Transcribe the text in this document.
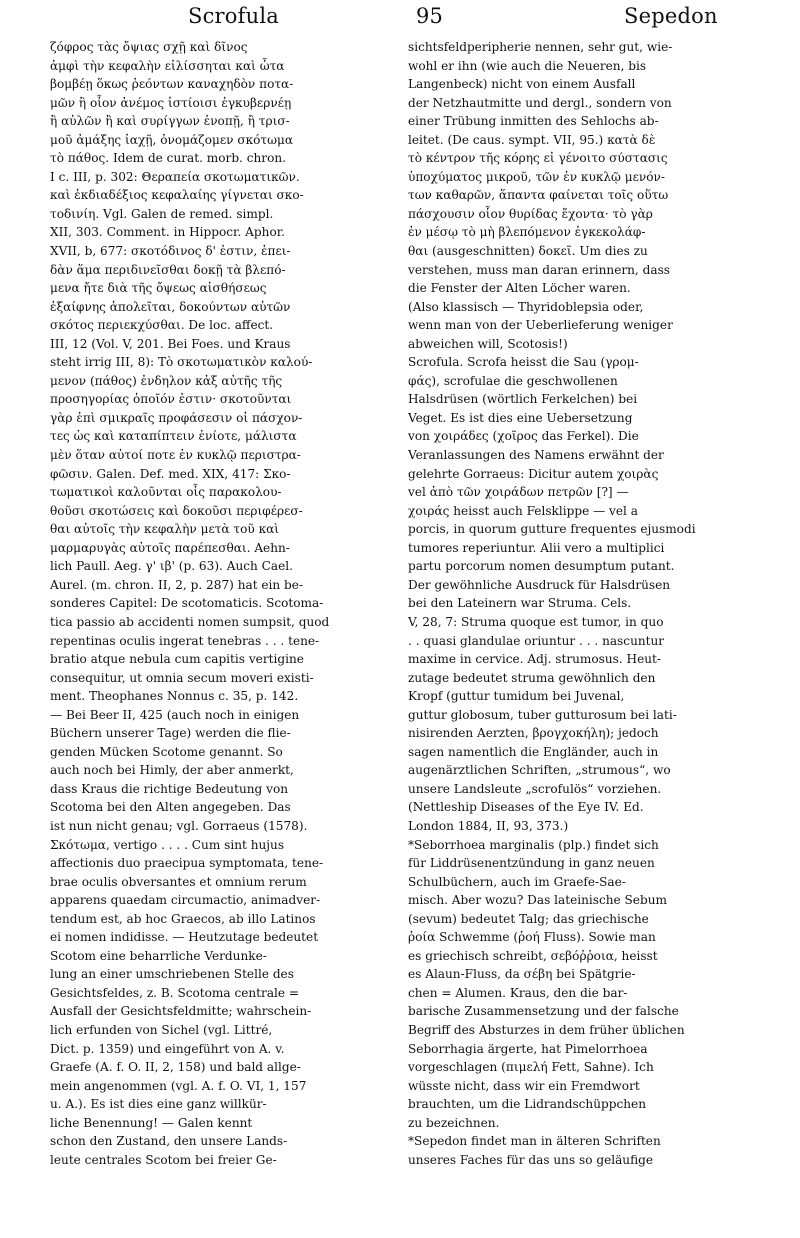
Scrofula	95	Sepedon
ζόφρος τὰς ὄψιας σχῇ καὶ δῖνος
ἀμφὶ τὴν κεφαλὴν εἰλίσσηται καὶ ὦτα
βομβέῃ ὅκως ῥεόντων καναχηδὸν ποτα-
μῶν ἢ οἷον ἀνέμος ἱστίοισι ἐγκυβερνέῃ
ἢ αὐλῶν ἢ καὶ συρίγγων ἐνοπῇ, ἢ τρισ-
μοῦ ἀμάξης ἰαχῇ, ὀνομάζομεν σκότωμα
τὸ πάθος. Idem de curat. morb. chron.
I c. III, p. 302: Θεραπεία σκοτωματικῶν.
καὶ ἐκδιαδέξιος κεφαλαίης γίγνεται σκο-
τοδινίη. Vgl. Galen de remed. simpl.
XII, 303. Comment. in Hippocr. Aphor.
XVII, b, 677: σκοτόδινος δ' ἐστιν, ἐπει-
δὰν ἅμα περιδινεῖσθαι δοκῇ τὰ βλεπό-
μενα ἤτε διὰ τῆς ὄψεως αἰσθήσεως
ἐξαίφνης ἀπολεῖται, δοκούντων αὐτῶν
σκότος περιεκχύσθαι. De loc. affect.
III, 12 (Vol. V, 201. Bei Foes. und Kraus
steht irrig III, 8): Τὸ σκοτωματικὸν καλού-
μενον (πάθος) ἐνδηλον κἀξ αὐτῆς τῆς
προσηγορίας ὁποῖόν ἐστιν· σκοτοῦνται
γὰρ ἐπὶ σμικραῖς προφάσεσιν οἱ πάσχον-
τες ὡς καὶ καταπίπτειν ἐνίοτε, μάλιστα
μὲν ὅταν αὐτοί ποτε ἐν κυκλῷ περιστρα-
φῶσιν. Galen. Def. med. XIX, 417: Σκο-
τωματικοὶ καλοῦνται οἷς παρακολου-
θοῦσι σκοτώσεις καὶ δοκοῦσι περιφέρεσ-
θαι αὐτοῖς τὴν κεφαλὴν μετὰ τοῦ καὶ
μαρμαρυγὰς αὐτοῖς παρέπεσθαι. Aehn-
lich Paull. Aeg. γ' ιβ' (p. 63). Auch Cael.
Aurel. (m. chron. II, 2, p. 287) hat ein be-
sonderes Capitel: De scotomaticis. Scotoma-
tica passio ab accidenti nomen sumpsit, quod
repentinas oculis ingerat tenebras . . . tene-
bratio atque nebula cum capitis vertigine
consequitur, ut omnia secum moveri existi-
ment. Theophanes Nonnus c. 35, p. 142.
— Bei Beer II, 425 (auch noch in einigen
Büchern unserer Tage) werden die flie-
genden Mücken Scotome genannt. So
auch noch bei Himly, der aber anmerkt,
dass Kraus die richtige Bedeutung von
Scotoma bei den Alten angegeben. Das
ist nun nicht genau; vgl. Gorraeus (1578).
Σκότωμα, vertigo . . . . Cum sint hujus
affectionis duo praecipua symptomata, tene-
brae oculis obversantes et omnium rerum
apparens quaedam circumactio, animadver-
tendum est, ab hoc Graecos, ab illo Latinos
ei nomen indidisse. — Heutzutage bedeutet
Scotom eine beharrliche Verdunke-
lung an einer umschriebenen Stelle des
Gesichtsfeldes, z. B. Scotoma centrale =
Ausfall der Gesichtsfeldmitte; wahrschein-
lich erfunden von Sichel (vgl. Littré,
Dict. p. 1359) und eingeführt von A. v.
Graefe (A. f. O. II, 2, 158) und bald allge-
mein angenommen (vgl. A. f. O. VI, 1, 157
u. A.). Es ist dies eine ganz willkür-
liche Benennung! — Galen kennt
schon den Zustand, den unsere Lands-
leute centrales Scotom bei freier Ge-
sichtsfeldperipherie nennen, sehr gut, wie-
wohl er ihn (wie auch die Neueren, bis
Langenbeck) nicht von einem Ausfall
der Netzhautmitte und dergl., sondern von
einer Trübung inmitten des Sehlochs ab-
leitet. (De caus. sympt. VII, 95.) κατὰ δὲ
τὸ κέντρον τῆς κόρης εἰ γένοιτο σύστασις
ὑποχύματος μικροῦ, τῶν ἐν κυκλῷ μενόν-
των καθαρῶν, ἅπαντα φαίνεται τοῖς οὕτω
πάσχουσιν οἷον θυρίδας ἔχοντα· τὸ γὰρ
ἐν μέσῳ τὸ μὴ βλεπόμενον ἐγκεκολάφ-
θαι (ausgeschnitten) δοκεῖ. Um dies zu
verstehen, muss man daran erinnern, dass
die Fenster der Alten Löcher waren.
(Also klassisch — Thyridoblepsia oder,
wenn man von der Ueberlieferung weniger
abweichen will, Scotosis!)
Scrofula. Scrofa heisst die Sau (γρομ-
φάς), scrofulae die geschwollenen
Halsdrüsen (wörtlich Ferkelchen) bei
Veget. Es ist dies eine Uebersetzung
von χοιράδες (χοῖρος das Ferkel). Die
Veranlassungen des Namens erwähnt der
gelehrte Gorraeus: Dicitur autem χοιρὰς
vel ἀπὸ τῶν χοιράδων πετρῶν [?] —
χοιράς heisst auch Felsklippe — vel a
porcis, in quorum gutture frequentes ejusmodi
tumores reperiuntur. Alii vero a multiplici
partu porcorum nomen desumptum putant.
Der gewöhnliche Ausdruck für Halsdrüsen
bei den Lateinern war Struma. Cels.
V, 28, 7: Struma quoque est tumor, in quo
. . quasi glandulae oriuntur . . . nascuntur
maxime in cervice. Adj. strumosus. Heut-
zutage bedeutet struma gewöhnlich den
Kropf (guttur tumidum bei Juvenal,
guttur globosum, tuber gutturosum bei lati-
nisirenden Aerzten, βρογχοκήλη); jedoch
sagen namentlich die Engländer, auch in
augenärztlichen Schriften, „strumous“, wo
unsere Landsleute „scrofulös“ vorziehen.
(Nettleship Diseases of the Eye IV. Ed.
London 1884, II, 93, 373.)
*Seborrhoea marginalis (plp.) findet sich
für Liddrüsenentzündung in ganz neuen
Schulbüchern, auch im Graefe-Sae-
misch. Aber wozu? Das lateinische Sebum
(sevum) bedeutet Talg; das griechische
ῥοία Schwemme (ῥοή Fluss). Sowie man
es griechisch schreibt, σεβόῤῥοια, heisst
es Alaun-Fluss, da σέβη bei Spätgrie-
chen = Alumen. Kraus, den die bar-
barische Zusammensetzung und der falsche
Begriff des Absturzes in dem früher üblichen
Seborrhagia ärgerte, hat Pimelorrhoea
vorgeschlagen (πιμελή Fett, Sahne). Ich
wüsste nicht, dass wir ein Fremdwort
brauchten, um die Lidrandschüppchen
zu bezeichnen.
*Sepedon findet man in älteren Schriften
unseres Faches für das uns so geläufige
